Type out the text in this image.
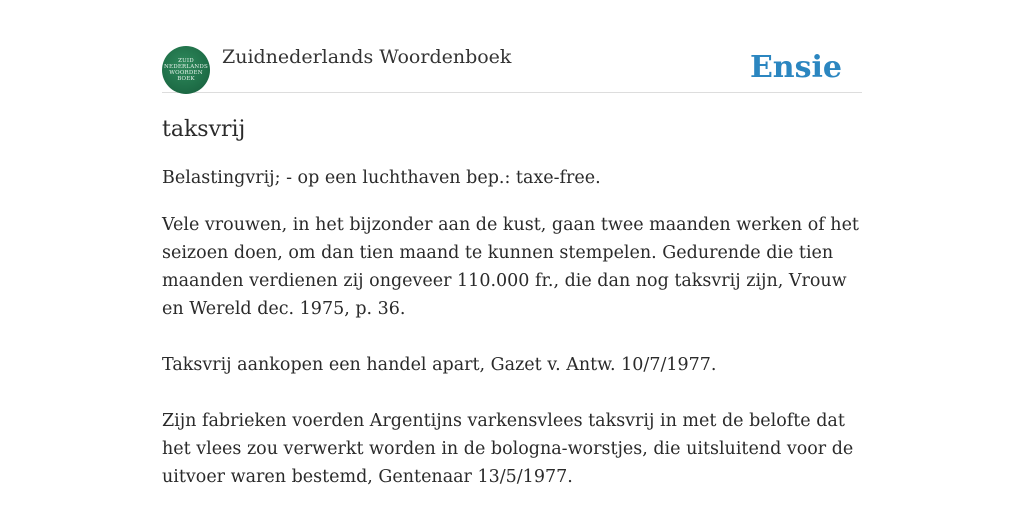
ZUID
NEDERLANDS
WOORDEN
BOEK
Zuidnederlands Woordenboek	Ensie
taksvrij

Belastingvrij; - op een luchthaven bep.: taxe-free.

Vele vrouwen, in het bijzonder aan de kust, gaan twee maanden werken of het seizoen doen, om dan tien maand te kunnen stempelen. Gedurende die tien maanden verdienen zij ongeveer 110.000 fr., die dan nog taksvrij zijn, Vrouw en Wereld dec. 1975, p. 36.

Taksvrij aankopen een handel apart, Gazet v. Antw. 10/7/1977.

Zijn fabrieken voerden Argentijns varkensvlees taksvrij in met de belofte dat het vlees zou verwerkt worden in de bologna-worstjes, die uitsluitend voor de uitvoer waren bestemd, Gentenaar 13/5/1977.
